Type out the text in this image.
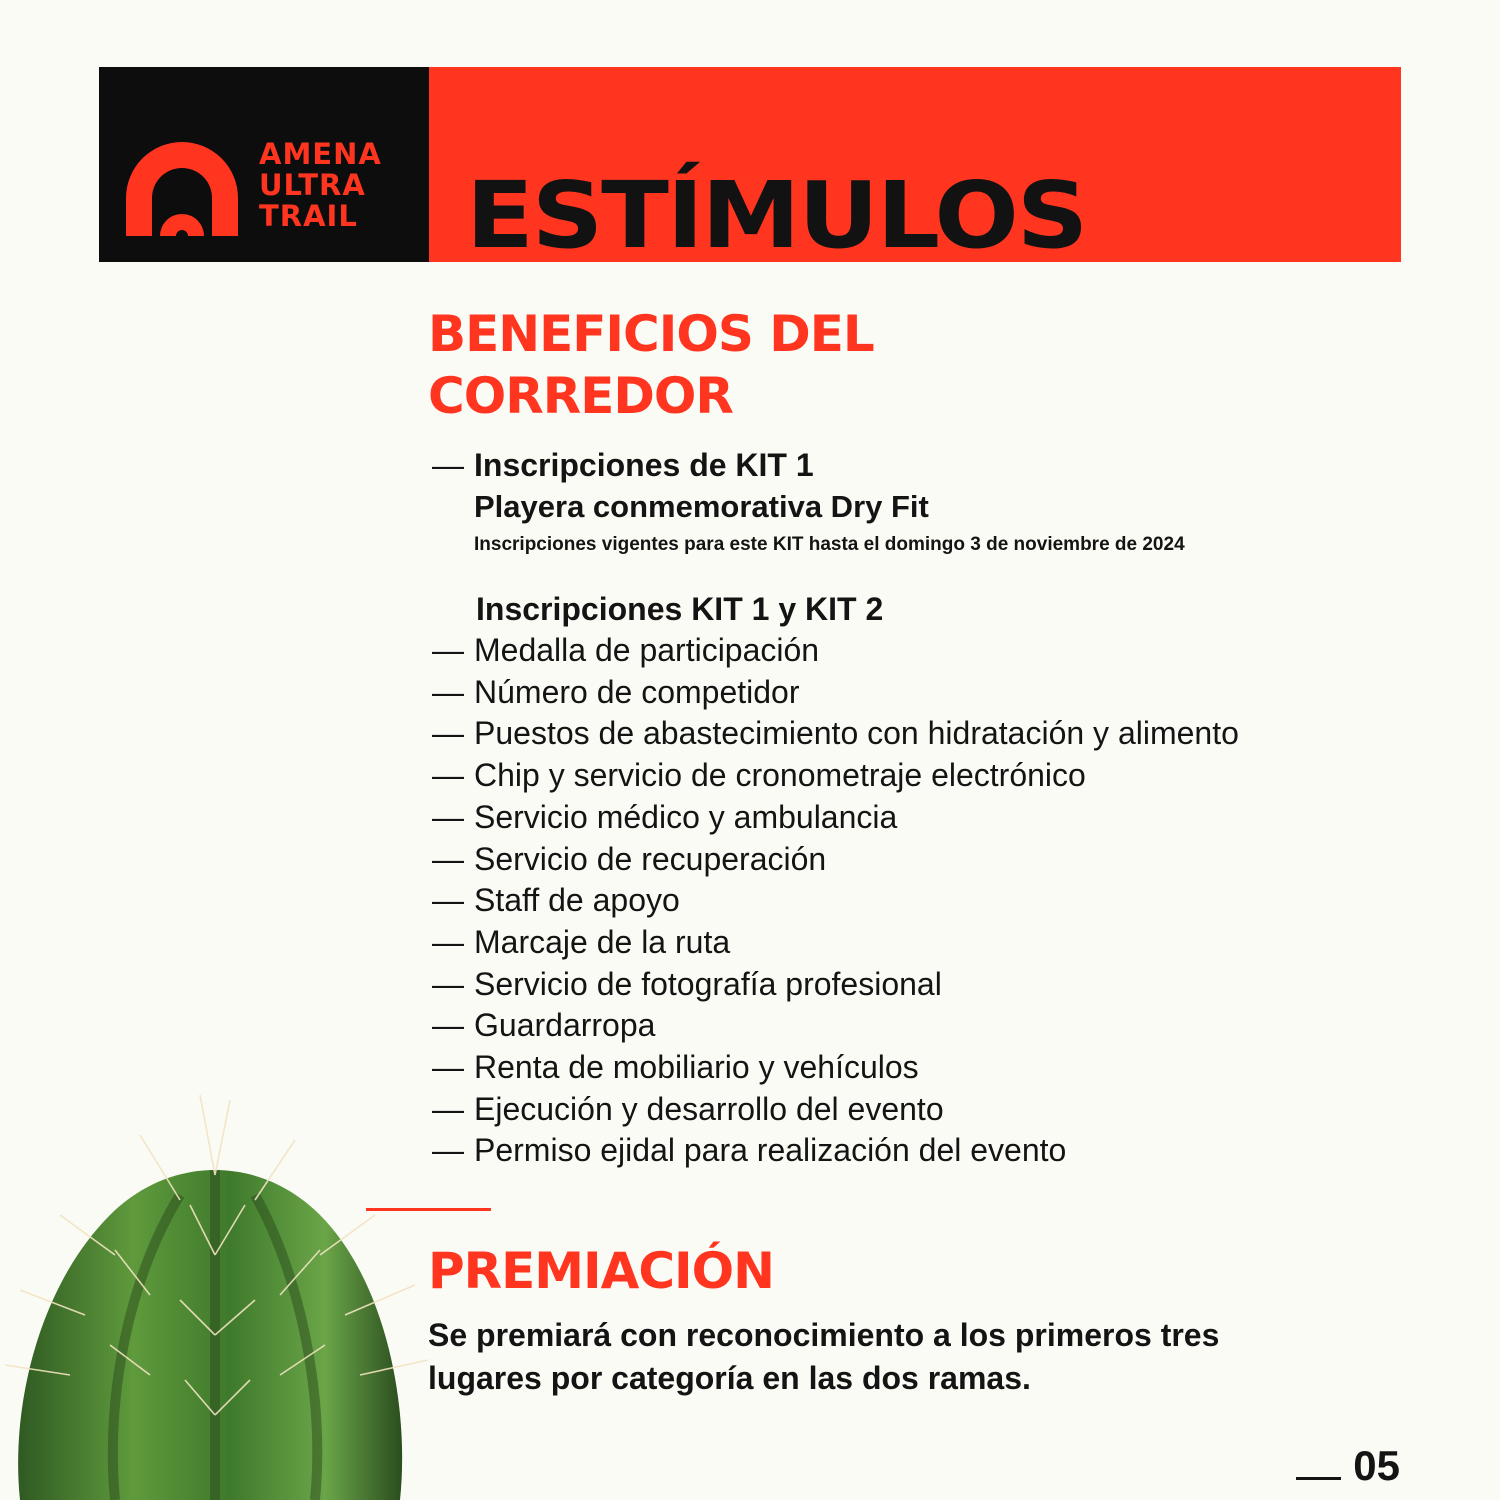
AMENA
ULTRA
TRAIL ESTÍMULOS
BENEFICIOS DEL CORREDOR
— Inscripciones de KIT 1
Playera conmemorativa Dry Fit
Inscripciones vigentes para este KIT hasta el domingo 3 de noviembre de 2024
Inscripciones KIT 1 y KIT 2
— Medalla de participación
— Número de competidor
— Puestos de abastecimiento con hidratación y alimento
— Chip y servicio de cronometraje electrónico
— Servicio médico y ambulancia
— Servicio de recuperación
— Staff de apoyo
— Marcaje de la ruta
— Servicio de fotografía profesional
— Guardarropa
— Renta de mobiliario y vehículos
— Ejecución y desarrollo del evento
— Permiso ejidal para realización del evento
PREMIACIÓN
Se premiará con reconocimiento a los primeros tres lugares por categoría en las dos ramas.
05
